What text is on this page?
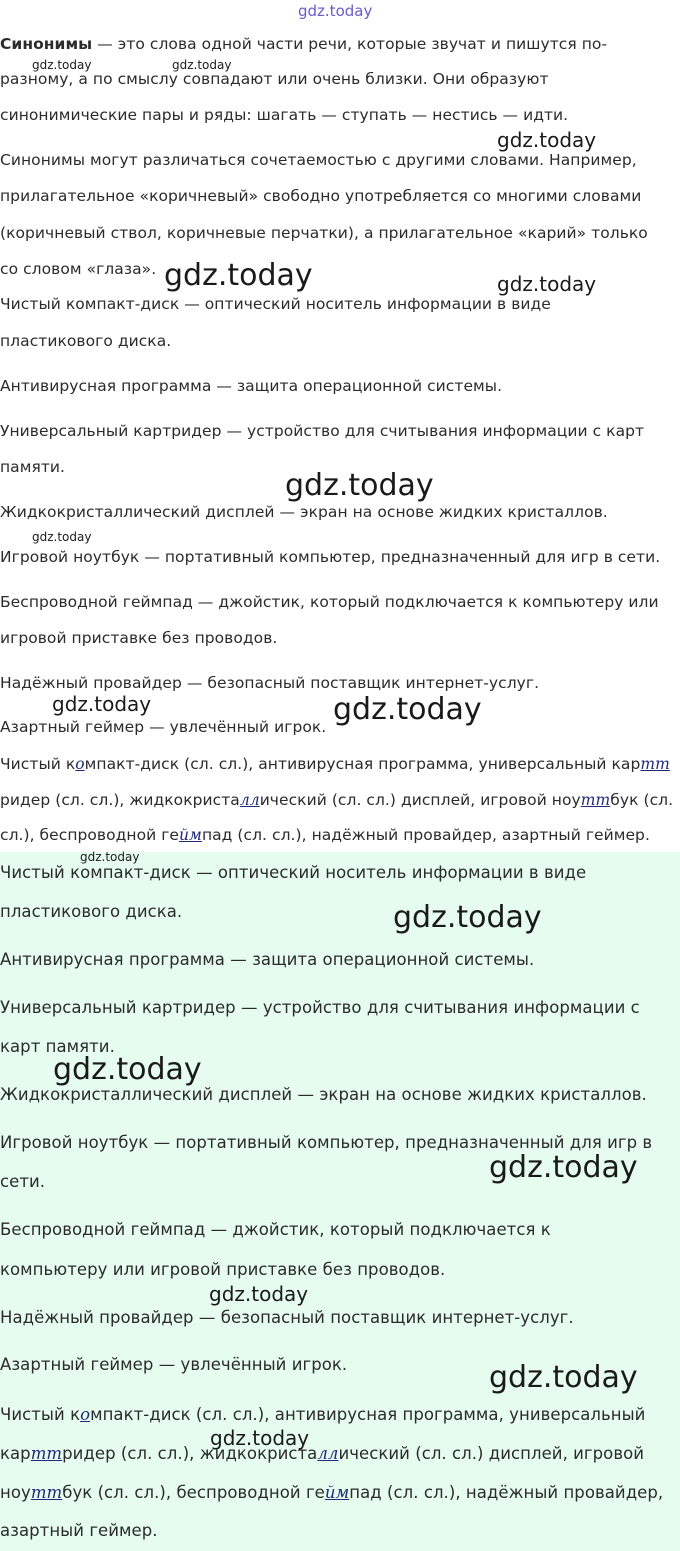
Синонимы — это слова одной части речи, которые звучат и пишутся по-
разному, а по смыслу совпадают или очень близки. Они образуют
синонимические пары и ряды: шагать — ступать — нестись — идти.
Синонимы могут различаться сочетаемостью с другими словами. Например,
прилагательное «коричневый» свободно употребляется со многими словами
(коричневый ствол, коричневые перчатки), а прилагательное «карий» только
со словом «глаза».
Чистый компакт-диск — оптический носитель информации в виде
пластикового диска.
Антивирусная программа — защита операционной системы.
Универсальный картридер — устройство для считывания информации с карт
памяти.
Жидкокристаллический дисплей — экран на основе жидких кристаллов.
Игровой ноутбук — портативный компьютер, предназначенный для игр в сети.
Беспроводной геймпад — джойстик, который подключается к компьютеру или
игровой приставке без проводов.
Надёжный провайдер — безопасный поставщик интернет-услуг.
Азартный геймер — увлечённый игрок.
Чистый компакт-диск (сл. сл.), антивирусная программа, универсальный картт
ридер (сл. сл.), жидкокристаллический (сл. сл.) дисплей, игровой ноуттбук (сл.
сл.), беспроводной геймпад (сл. сл.), надёжный провайдер, азартный геймер.
Чистый компакт-диск — оптический носитель информации в виде
пластикового диска.
Антивирусная программа — защита операционной системы.
Универсальный картридер — устройство для считывания информации с
карт памяти.
Жидкокристаллический дисплей — экран на основе жидких кристаллов.
Игровой ноутбук — портативный компьютер, предназначенный для игр в
сети.
Беспроводной геймпад — джойстик, который подключается к
компьютеру или игровой приставке без проводов.
Надёжный провайдер — безопасный поставщик интернет-услуг.
Азартный геймер — увлечённый игрок.
Чистый компакт-диск (сл. сл.), антивирусная программа, универсальный
карттридер (сл. сл.), жидкокристаллический (сл. сл.) дисплей, игровой
ноуттбук (сл. сл.), беспроводной геймпад (сл. сл.), надёжный провайдер,
азартный геймер.
gdz.today
gdz.today	gdz.today
gdz.today
gdz.today	gdz.today
gdz.today
gdz.today
gdz.today	gdz.today
gdz.today
gdz.today
gdz.today
gdz.today
gdz.today
gdz.today
gdz.today
